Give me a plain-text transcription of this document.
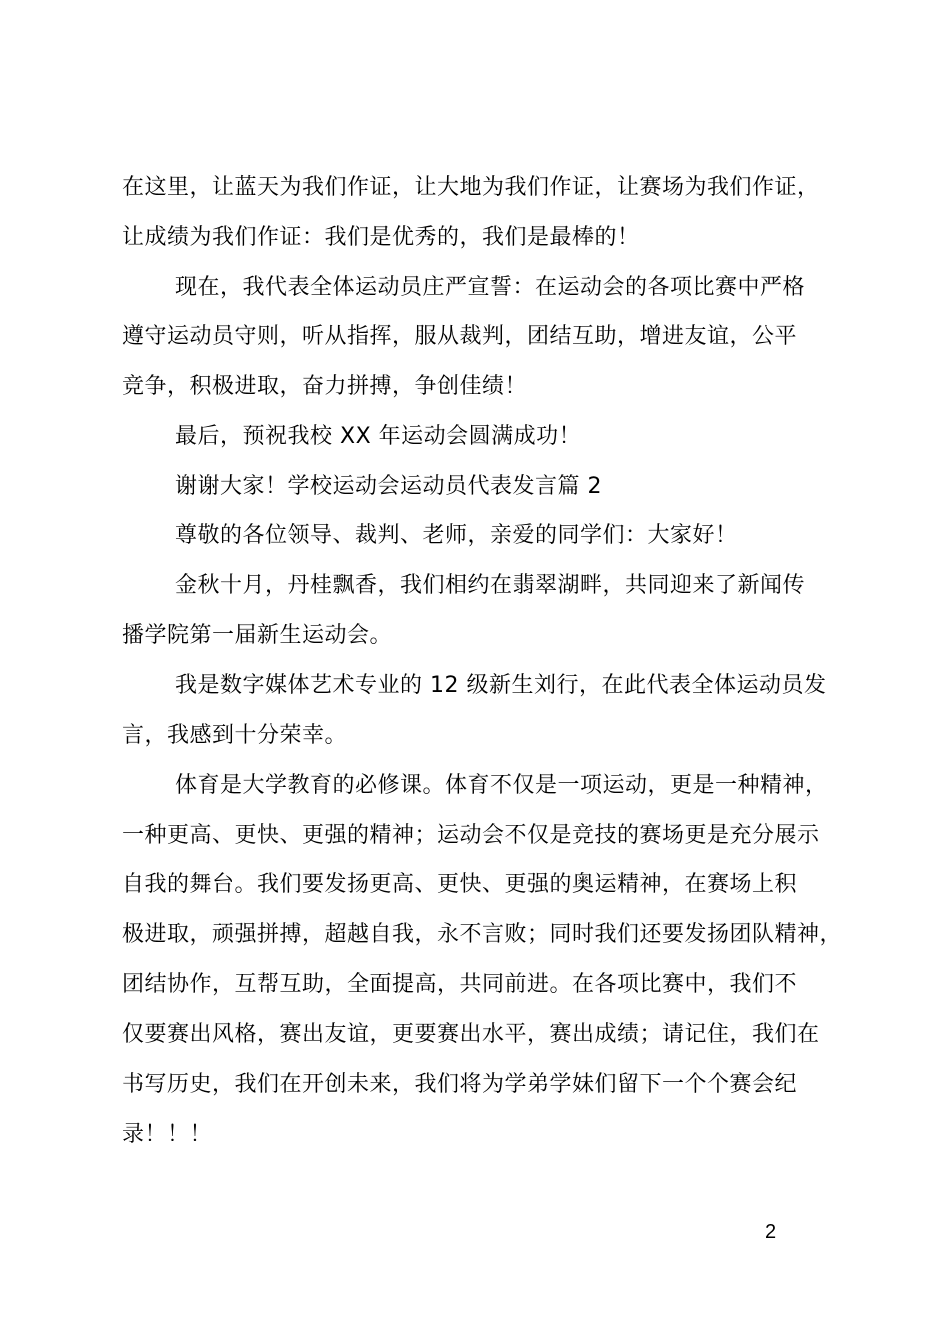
在这里，让蓝天为我们作证，让大地为我们作证，让赛场为我们作证，
让成绩为我们作证：我们是优秀的，我们是最棒的！
现在，我代表全体运动员庄严宣誓：在运动会的各项比赛中严格
遵守运动员守则，听从指挥，服从裁判，团结互助，增进友谊，公平
竞争，积极进取，奋力拼搏，争创佳绩！
最后，预祝我校 XX 年运动会圆满成功！
谢谢大家！学校运动会运动员代表发言篇 2
尊敬的各位领导、裁判、老师，亲爱的同学们：大家好！
金秋十月，丹桂飘香，我们相约在翡翠湖畔，共同迎来了新闻传
播学院第一届新生运动会。
我是数字媒体艺术专业的 12 级新生刘行，在此代表全体运动员发
言，我感到十分荣幸。
体育是大学教育的必修课。体育不仅是一项运动，更是一种精神，
一种更高、更快、更强的精神；运动会不仅是竞技的赛场更是充分展示
自我的舞台。我们要发扬更高、更快、更强的奥运精神，在赛场上积
极进取，顽强拼搏，超越自我，永不言败；同时我们还要发扬团队精神，
团结协作，互帮互助，全面提高，共同前进。在各项比赛中，我们不
仅要赛出风格，赛出友谊，更要赛出水平，赛出成绩；请记住，我们在
书写历史，我们在开创未来，我们将为学弟学妹们留下一个个赛会纪
录！！！
2
